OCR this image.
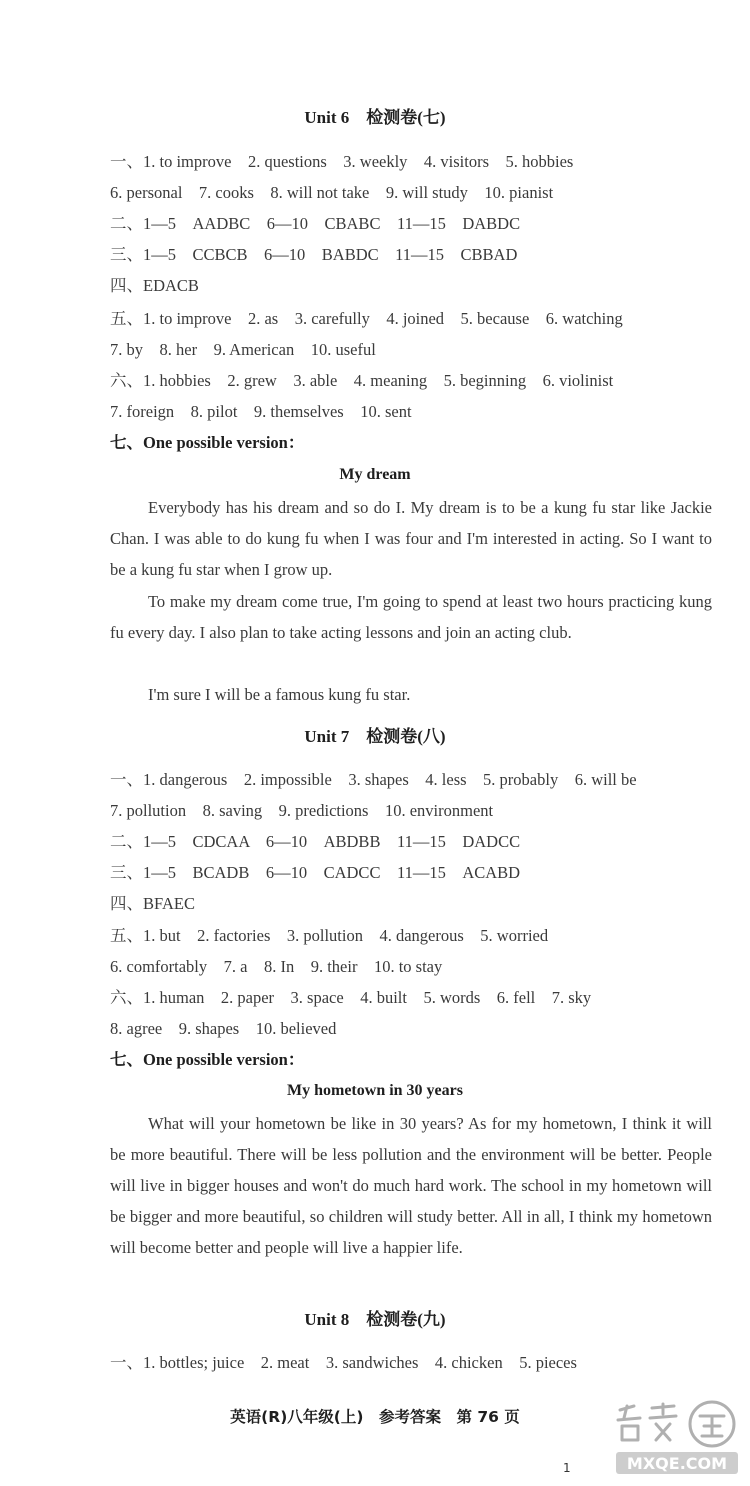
Unit 6　检测卷(七)
一、1. to improve　2. questions　3. weekly　4. visitors　5. hobbies
6. personal　7. cooks　8. will not take　9. will study　10. pianist
二、1—5　AADBC　6—10　CBABC　11—15　DABDC
三、1—5　CCBCB　6—10　BABDC　11—15　CBBAD
四、EDACB
五、1. to improve　2. as　3. carefully　4. joined　5. because　6. watching
7. by　8. her　9. American　10. useful
六、1. hobbies　2. grew　3. able　4. meaning　5. beginning　6. violinist
7. foreign　8. pilot　9. themselves　10. sent
七、One possible version：
My dream
Everybody has his dream and so do I. My dream is to be a kung fu star like Jackie Chan. I was able to do kung fu when I was four and I'm interested in acting. So I want to be a kung fu star when I grow up.
To make my dream come true, I'm going to spend at least two hours practicing kung fu every day. I also plan to take acting lessons and join an acting club.
I'm sure I will be a famous kung fu star.
Unit 7　检测卷(八)
一、1. dangerous　2. impossible　3. shapes　4. less　5. probably　6. will be
7. pollution　8. saving　9. predictions　10. environment
二、1—5　CDCAA　6—10　ABDBB　11—15　DADCC
三、1—5　BCADB　6—10　CADCC　11—15　ACABD
四、BFAEC
五、1. but　2. factories　3. pollution　4. dangerous　5. worried
6. comfortably　7. a　8. In　9. their　10. to stay
六、1. human　2. paper　3. space　4. built　5. words　6. fell　7. sky
8. agree　9. shapes　10. believed
七、One possible version：
My hometown in 30 years
What will your hometown be like in 30 years? As for my hometown, I think it will be more beautiful. There will be less pollution and the environment will be better. People will live in bigger houses and won't do much hard work. The school in my hometown will be bigger and more beautiful, so children will study better. All in all, I think my hometown will become better and people will live a happier life.
Unit 8　检测卷(九)
一、1. bottles; juice　2. meat　3. sandwiches　4. chicken　5. pieces
英语(R)八年级(上)　参考答案　第 76 页
1	MXQE.COM
